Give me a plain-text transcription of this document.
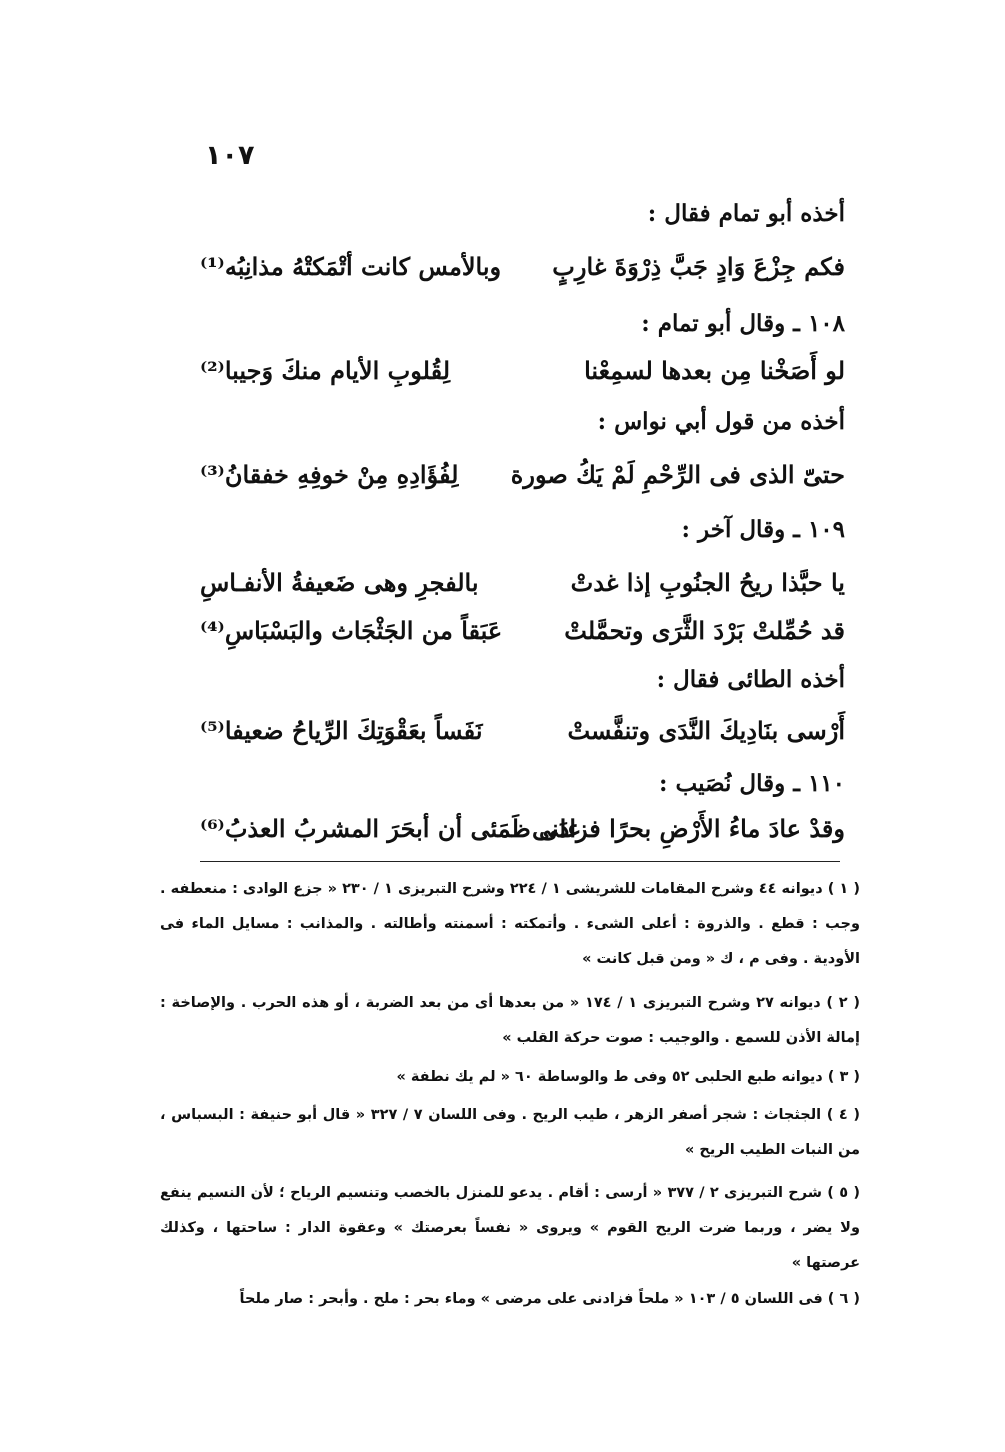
١٠٧
أخذه أبو تمام فقال :
فكم جِزْعَ وَادٍ جَبَّ ذِرْوَةَ غارِبٍ
وبالأمس كانت أتْمَكتْهُ مذانِبُه⁽¹⁾
١٠٨ ـ وقال أبو تمام :
لو أَصَخْنا مِن بعدها لسمِعْنا
لِقُلوبِ الأيام منكَ وَجيبا⁽²⁾
أخذه من قول أبي نواس :
حتىّ الذى فى الرِّحْمِ لَمْ يَكُ صورة
لِفُؤَادِهِ مِنْ خوفِهِ خفقانُ⁽³⁾
١٠٩ ـ وقال آخر :
يا حبَّذا ريحُ الجنُوبِ إذا غدتْ
بالفجرِ وهى ضَعيفةُ الأنفـاسِ
قد حُمِّلتْ بَرْدَ الثَّرَى وتحمَّلتْ
عَبَقاً من الجَثْجَاث والبَسْبَاسِ⁽⁴⁾
أخذه الطائى فقال :
أَرْسى بنَادِيكَ النَّدَى وتنفَّستْ
نَفَساً بعَقْوَتِكَ الرِّياحُ ضعيفا⁽⁵⁾
١١٠ ـ وقال نُصَيب :
وقدْ عادَ ماءُ الأَرْضِ بحرًا فزادَنى
على ظَمَئى أن أبحَرَ المشربُ العذبُ⁽⁶⁾
( ١ ) ديوانه ٤٤ وشرح المقامات للشريشى ١ / ٢٢٤ وشرح التبريزى ١ / ٢٣٠ « جزع الوادى : منعطفه . وجب : قطع . والذروة : أعلى الشىء . وأتمكته : أسمنته وأطالته . والمذانب : مسايل الماء فى الأودية . وفى م ، ك « ومن قبل كانت »
( ٢ ) ديوانه ٢٧ وشرح التبريزى ١ / ١٧٤ « من بعدها أى من بعد الضربة ، أو هذه الحرب . والإصاخة : إمالة الأذن للسمع . والوجيب : صوت حركة القلب »
( ٣ ) ديوانه طبع الحلبى ٥٢ وفى ط والوساطة ٦٠ « لم يك نطفة »
( ٤ ) الجثجاث : شجر أصفر الزهر ، طيب الريح . وفى اللسان ٧ / ٣٢٧ « قال أبو حنيفة : البسباس ، من النبات الطيب الريح »
( ٥ ) شرح التبريزى ٢ / ٣٧٧ « أرسى : أقام . يدعو للمنزل بالخصب وتنسيم الرياح ؛ لأن النسيم ينفع ولا يضر ، وربما ضرت الريح القوم » ويروى « نفساً بعرصتك » وعقوة الدار : ساحتها ، وكذلك عرصتها »
( ٦ ) فى اللسان ٥ / ١٠٣ « ملحاً فزادنى على مرضى » وماء بحر : ملح . وأبحر : صار ملحاً
